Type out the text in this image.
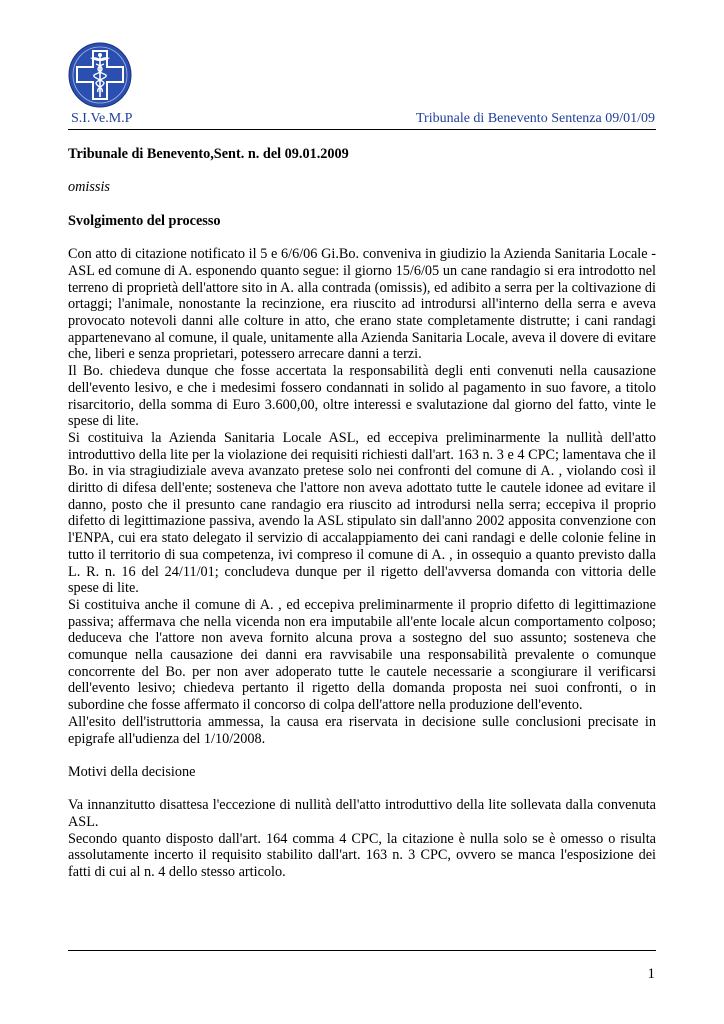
S.I.Ve.M.P	Tribunale di Benevento Sentenza 09/01/09

Tribunale di Benevento,Sent. n. del 09.01.2009

omissis

Svolgimento del processo

Con atto di citazione notificato il 5 e 6/6/06 Gi.Bo. conveniva in giudizio la Azienda Sanitaria Locale - ASL ed comune di A. esponendo quanto segue: il giorno 15/6/05 un cane randagio si era introdotto nel terreno di proprietà dell'attore sito in A. alla contrada (omissis), ed adibito a serra per la coltivazione di ortaggi; l'animale, nonostante la recinzione, era riuscito ad introdursi all'interno della serra e aveva provocato notevoli danni alle colture in atto, che erano state completamente distrutte; i cani randagi appartenevano al comune, il quale, unitamente alla Azienda Sanitaria Locale, aveva il dovere di evitare che, liberi e senza proprietari, potessero arrecare danni a terzi.

Il Bo. chiedeva dunque che fosse accertata la responsabilità degli enti convenuti nella causazione dell'evento lesivo, e che i medesimi fossero condannati in solido al pagamento in suo favore, a titolo risarcitorio, della somma di Euro 3.600,00, oltre interessi e svalutazione dal giorno del fatto, vinte le spese di lite.

Si costituiva la Azienda Sanitaria Locale ASL, ed eccepiva preliminarmente la nullità dell'atto introduttivo della lite per la violazione dei requisiti richiesti dall'art. 163 n. 3 e 4 CPC; lamentava che il Bo. in via stragiudiziale aveva avanzato pretese solo nei confronti del comune di A. , violando così il diritto di difesa dell'ente; sosteneva che l'attore non aveva adottato tutte le cautele idonee ad evitare il danno, posto che il presunto cane randagio era riuscito ad introdursi nella serra; eccepiva il proprio difetto di legittimazione passiva, avendo la ASL stipulato sin dall'anno 2002 apposita convenzione con l'ENPA, cui era stato delegato il servizio di accalappiamento dei cani randagi e delle colonie feline in tutto il territorio di sua competenza, ivi compreso il comune di A. , in ossequio a quanto previsto dalla L. R. n. 16 del 24/11/01; concludeva dunque per il rigetto dell'avversa domanda con vittoria delle spese di lite.

Si costituiva anche il comune di A. , ed eccepiva preliminarmente il proprio difetto di legittimazione passiva; affermava che nella vicenda non era imputabile all'ente locale alcun comportamento colposo; deduceva che l'attore non aveva fornito alcuna prova a sostegno del suo assunto; sosteneva che comunque nella causazione dei danni era ravvisabile una responsabilità prevalente o comunque concorrente del Bo. per non aver adoperato tutte le cautele necessarie a scongiurare il verificarsi dell'evento lesivo; chiedeva pertanto il rigetto della domanda proposta nei suoi confronti, o in subordine che fosse affermato il concorso di colpa dell'attore nella produzione dell'evento.

All'esito dell'istruttoria ammessa, la causa era riservata in decisione sulle conclusioni precisate in epigrafe all'udienza del 1/10/2008.

Motivi della decisione

Va innanzitutto disattesa l'eccezione di nullità dell'atto introduttivo della lite sollevata dalla convenuta ASL.

Secondo quanto disposto dall'art. 164 comma 4 CPC, la citazione è nulla solo se è omesso o risulta assolutamente incerto il requisito stabilito dall'art. 163 n. 3 CPC, ovvero se manca l'esposizione dei fatti di cui al n. 4 dello stesso articolo.

1
